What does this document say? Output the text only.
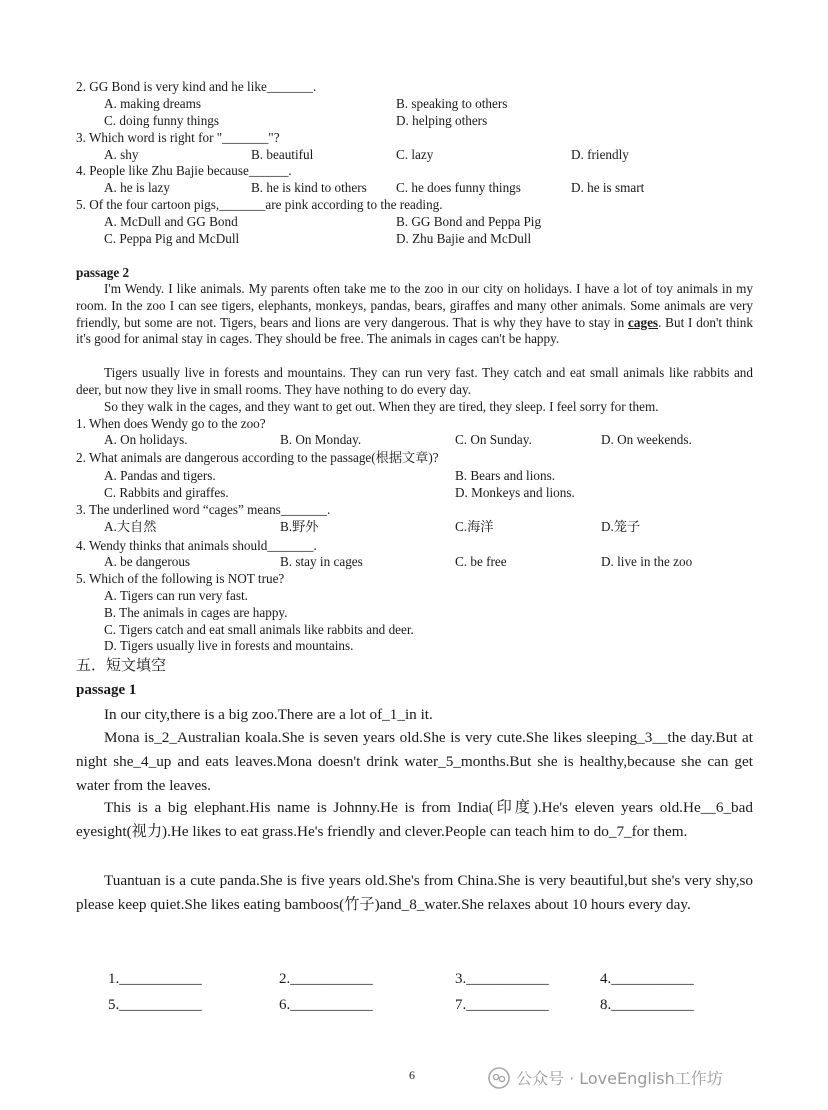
2. GG Bond is very kind and he like_______.
A. making dreams	B. speaking to others
C. doing funny things	D. helping others
3. Which word is right for "_______"?
A. shy	B. beautiful	C. lazy	D. friendly
4. People like Zhu Bajie because______.
A. he is lazy	B. he is kind to others C. he does funny things	D. he is smart
5. Of the four cartoon pigs,_______are pink according to the reading.
A. McDull and GG Bond	B. GG Bond and Peppa Pig
C. Peppa Pig and McDull	D. Zhu Bajie and McDull
passage 2
I'm Wendy. I like animals. My parents often take me to the zoo in our city on holidays. I have a lot of toy animals in my room. In the zoo I can see tigers, elephants, monkeys, pandas, bears, giraffes and many other animals. Some animals are very friendly, but some are not. Tigers, bears and lions are very dangerous. That is why they have to stay in cages. But I don't think it's good for animal stay in cages. They should be free. The animals in cages can't be happy.
Tigers usually live in forests and mountains. They can run very fast. They catch and eat small animals like rabbits and deer, but now they live in small rooms. They have nothing to do every day.
So they walk in the cages, and they want to get out. When they are tired, they sleep. I feel sorry for them.
1. When does Wendy go to the zoo?
A. On holidays.	B. On Monday.	C. On Sunday.	D. On weekends.
2. What animals are dangerous according to the passage(根据文章)?
A. Pandas and tigers.	B. Bears and lions.
C. Rabbits and giraffes.	D. Monkeys and lions.
3. The underlined word “cages” means_______.
A.大自然	B.野外	C.海洋	D.笼子
4. Wendy thinks that animals should_______.
A. be dangerous	B. stay in cages	C. be free	D. live in the zoo
5. Which of the following is NOT true?
A. Tigers can run very fast.
B. The animals in cages are happy.
C. Tigers catch and eat small animals like rabbits and deer.
D. Tigers usually live in forests and mountains.
五．短文填空
passage 1
In our city,there is a big zoo.There are a lot of_1_in it.
Mona is_2_Australian koala.She is seven years old.She is very cute.She likes sleeping_3__the day.But at night she_4_up and eats leaves.Mona doesn't drink water_5_months.But she is healthy,because she can get water from the leaves.
This is a big elephant.His name is Johnny.He is from India(印度).He's eleven years old.He__6_bad eyesight(视力).He likes to eat grass.He's friendly and clever.People can teach him to do_7_for them.
Tuantuan is a cute panda.She is five years old.She's from China.She is very beautiful,but she's very shy,so please keep quiet.She likes eating bamboos(竹子)and_8_water.She relaxes about 10 hours every day.
1.___________	2.___________	3.___________	4.___________
5.___________	6.___________	7.___________	8.___________
6	公众号 · LoveEnglish工作坊
